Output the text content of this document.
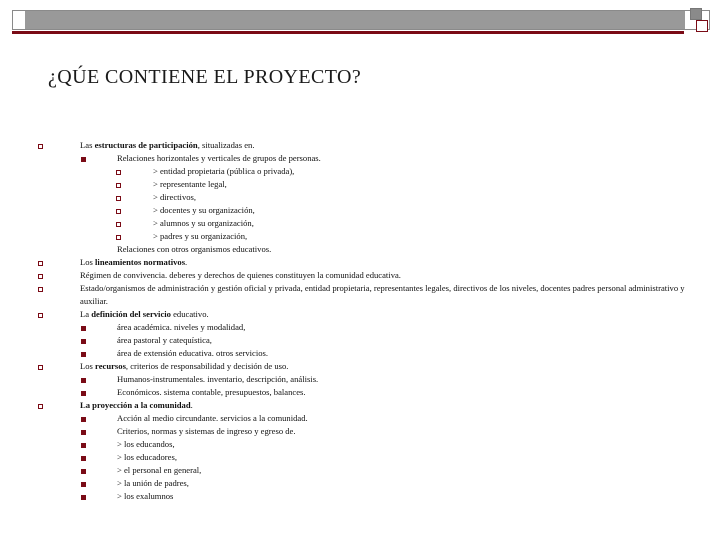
¿QÚE CONTIENE EL PROYECTO?
Las estructuras de participación, situalizadas en.
Relaciones horizontales y verticales de grupos de personas.
> entidad propietaria (pública o privada),
> representante legal,
> directivos,
> docentes y su organización,
> alumnos y su organización,
> padres y su organización,
Relaciones con otros organismos educativos.
Los lineamientos normativos.
Régimen de convivencia. deberes y derechos de quienes constituyen la comunidad educativa.
Estado/organismos de administración y gestión oficial y privada, entidad propietaria, representantes legales, directivos de los niveles, docentes padres personal administrativo y auxiliar.
La definición del servicio educativo.
área académica. niveles y modalidad,
área pastoral y catequística,
área de extensión educativa. otros servicios.
Los recursos, criterios de responsabilidad y decisión de uso.
Humanos-instrumentales. inventario, descripción, análisis.
Económicos. sistema contable, presupuestos, balances.
La proyección a la comunidad.
Acción al medio circundante. servicios a la comunidad.
Criterios, normas y sistemas de ingreso y egreso de.
> los educandos,
> los educadores,
> el personal en general,
> la unión de padres,
> los exalumnos
